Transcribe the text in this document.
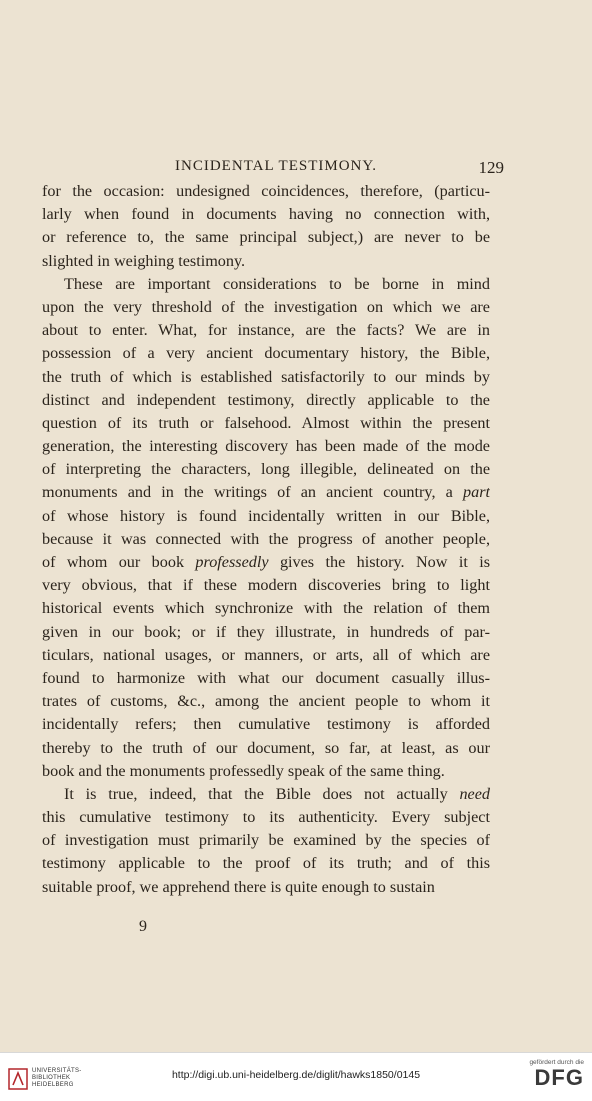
INCIDENTAL TESTIMONY.	129
for the occasion: undesigned coincidences, therefore, (particu-
larly when found in documents having no connection with,
or reference to, the same principal subject,) are never to be
slighted in weighing testimony.
These are important considerations to be borne in mind
upon the very threshold of the investigation on which we are
about to enter. What, for instance, are the facts? We are in
possession of a very ancient documentary history, the Bible,
the truth of which is established satisfactorily to our minds by
distinct and independent testimony, directly applicable to the
question of its truth or falsehood. Almost within the present
generation, the interesting discovery has been made of the mode
of interpreting the characters, long illegible, delineated on the
monuments and in the writings of an ancient country, a part
of whose history is found incidentally written in our Bible,
because it was connected with the progress of another people,
of whom our book professedly gives the history. Now it is
very obvious, that if these modern discoveries bring to light
historical events which synchronize with the relation of them
given in our book; or if they illustrate, in hundreds of par-
ticulars, national usages, or manners, or arts, all of which are
found to harmonize with what our document casually illus-
trates of customs, &c., among the ancient people to whom it
incidentally refers; then cumulative testimony is afforded
thereby to the truth of our document, so far, at least, as our
book and the monuments professedly speak of the same thing.
It is true, indeed, that the Bible does not actually need
this cumulative testimony to its authenticity. Every subject
of investigation must primarily be examined by the species of
testimony applicable to the proof of its truth; and of this
suitable proof, we apprehend there is quite enough to sustain
9
UNIVERSITÄTS-
BIBLIOTHEK
HEIDELBERG
http://digi.ub.uni-heidelberg.de/diglit/hawks1850/0145
gefördert durch die
DFG
